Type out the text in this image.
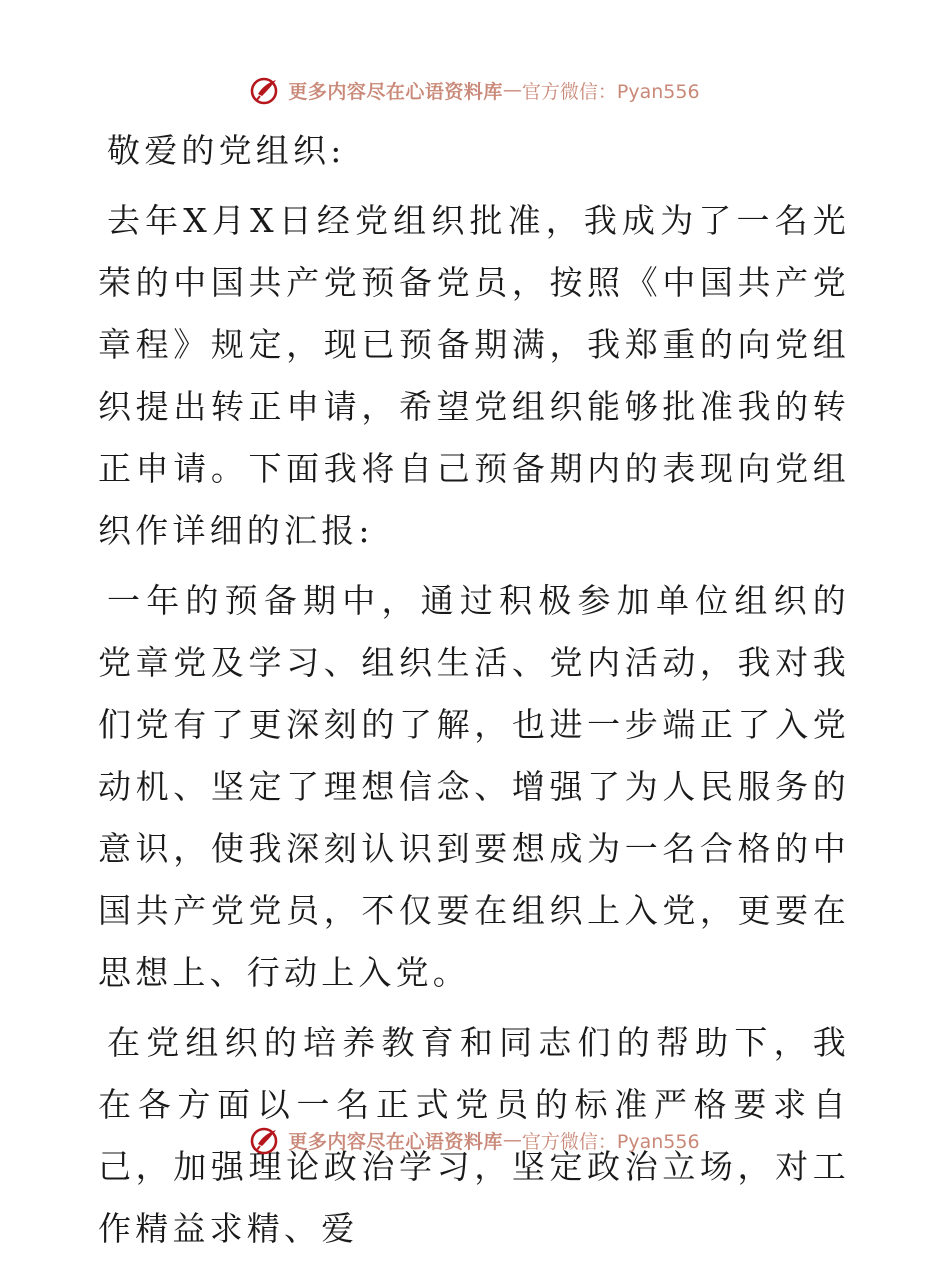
更多内容尽在心语资料库 — 官方微信：Pyan556

敬爱的党组织:

去年X月X日经党组织批准，我成为了一名光荣的中国共产党预备党员，按照《中国共产党章程》规定，现已预备期满，我郑重的向党组织提出转正申请，希望党组织能够批准我的转正申请。下面我将自己预备期内的表现向党组织作详细的汇报:

一年的预备期中，通过积极参加单位组织的党章党及学习、组织生活、党内活动，我对我们党有了更深刻的了解，也进一步端正了入党动机、坚定了理想信念、增强了为人民服务的意识，使我深刻认识到要想成为一名合格的中国共产党党员，不仅要在组织上入党，更要在思想上、行动上入党。

在党组织的培养教育和同志们的帮助下，我在各方面以一名正式党员的标准严格要求自己，加强理论政治学习，坚定政治立场，对工作精益求精、爱

更多内容尽在心语资料库 — 官方微信：Pyan556
